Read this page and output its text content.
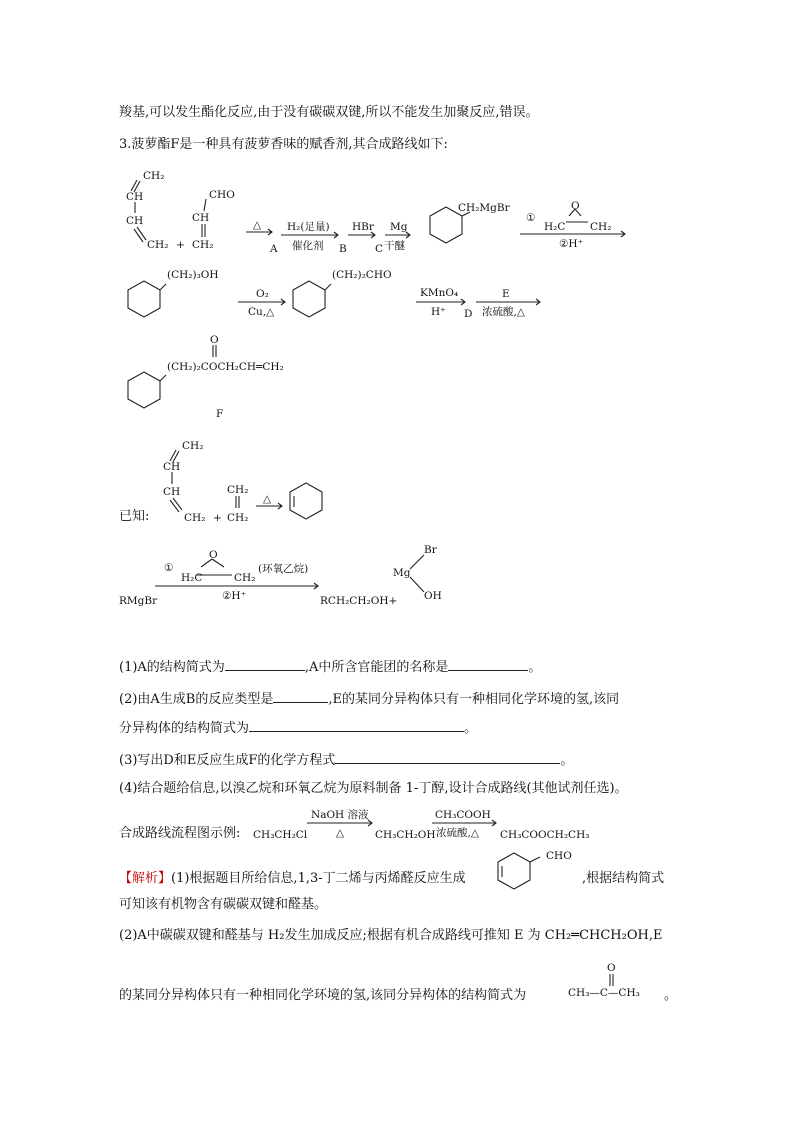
羧基,可以发生酯化反应,由于没有碳碳双键,所以不能发生加聚反应,错误。
3.菠萝酯F是一种具有菠萝香味的赋香剂,其合成路线如下:
CH₂
CH
CH
CH₂ +
CHO
CH
CH₂
△
A
H₂(足量)
催化剂 B
HBr Mg
C 干醚
CH₂MgBr
①
O
H₂C CH₂
②H⁺
(CH₂)₃OH
O₂
Cu,△
(CH₂)₂CHO
KMnO₄
H⁺ D
E
浓硫酸,△
O
(CH₂)₂COCH₂CH═CH₂
F
CH₂
CH
CH
CH₂
已知:	+
CH₂
CH₂
△
①
O
H₂C	CH₂
(环氧乙烷)
②H⁺
RMgBr	RCH₂CH₂OH+
Br
Mg
OH
(1)A的结构简式为	,A中所含官能团的名称是	。
(2)由A生成B的反应类型是	,E的某同分异构体只有一种相同化学环境的氢,该同
分异构体的结构简式为	。
(3)写出D和E反应生成F的化学方程式	。
(4)结合题给信息,以溴乙烷和环氧乙烷为原料制备 1-丁醇,设计合成路线(其他试剂任选)。
合成路线流程图示例: CH₃CH₂Cl
NaOH 溶液
△	CH₃CH₂OH
CH₃COOH
浓硫酸,△ CH₃COOCH₂CH₃
【解析】(1)根据题目所给信息,1,3-丁二烯与丙烯醛反应生成
CHO
,根据结构简式
可知该有机物含有碳碳双键和醛基。
(2)A中碳碳双键和醛基与 H₂发生加成反应;根据有机合成路线可推知 E 为 CH₂═CHCH₂OH,E
的某同分异构体只有一种相同化学环境的氢,该同分异构体的结构简式为
O
CH₃—C—CH₃ 。
